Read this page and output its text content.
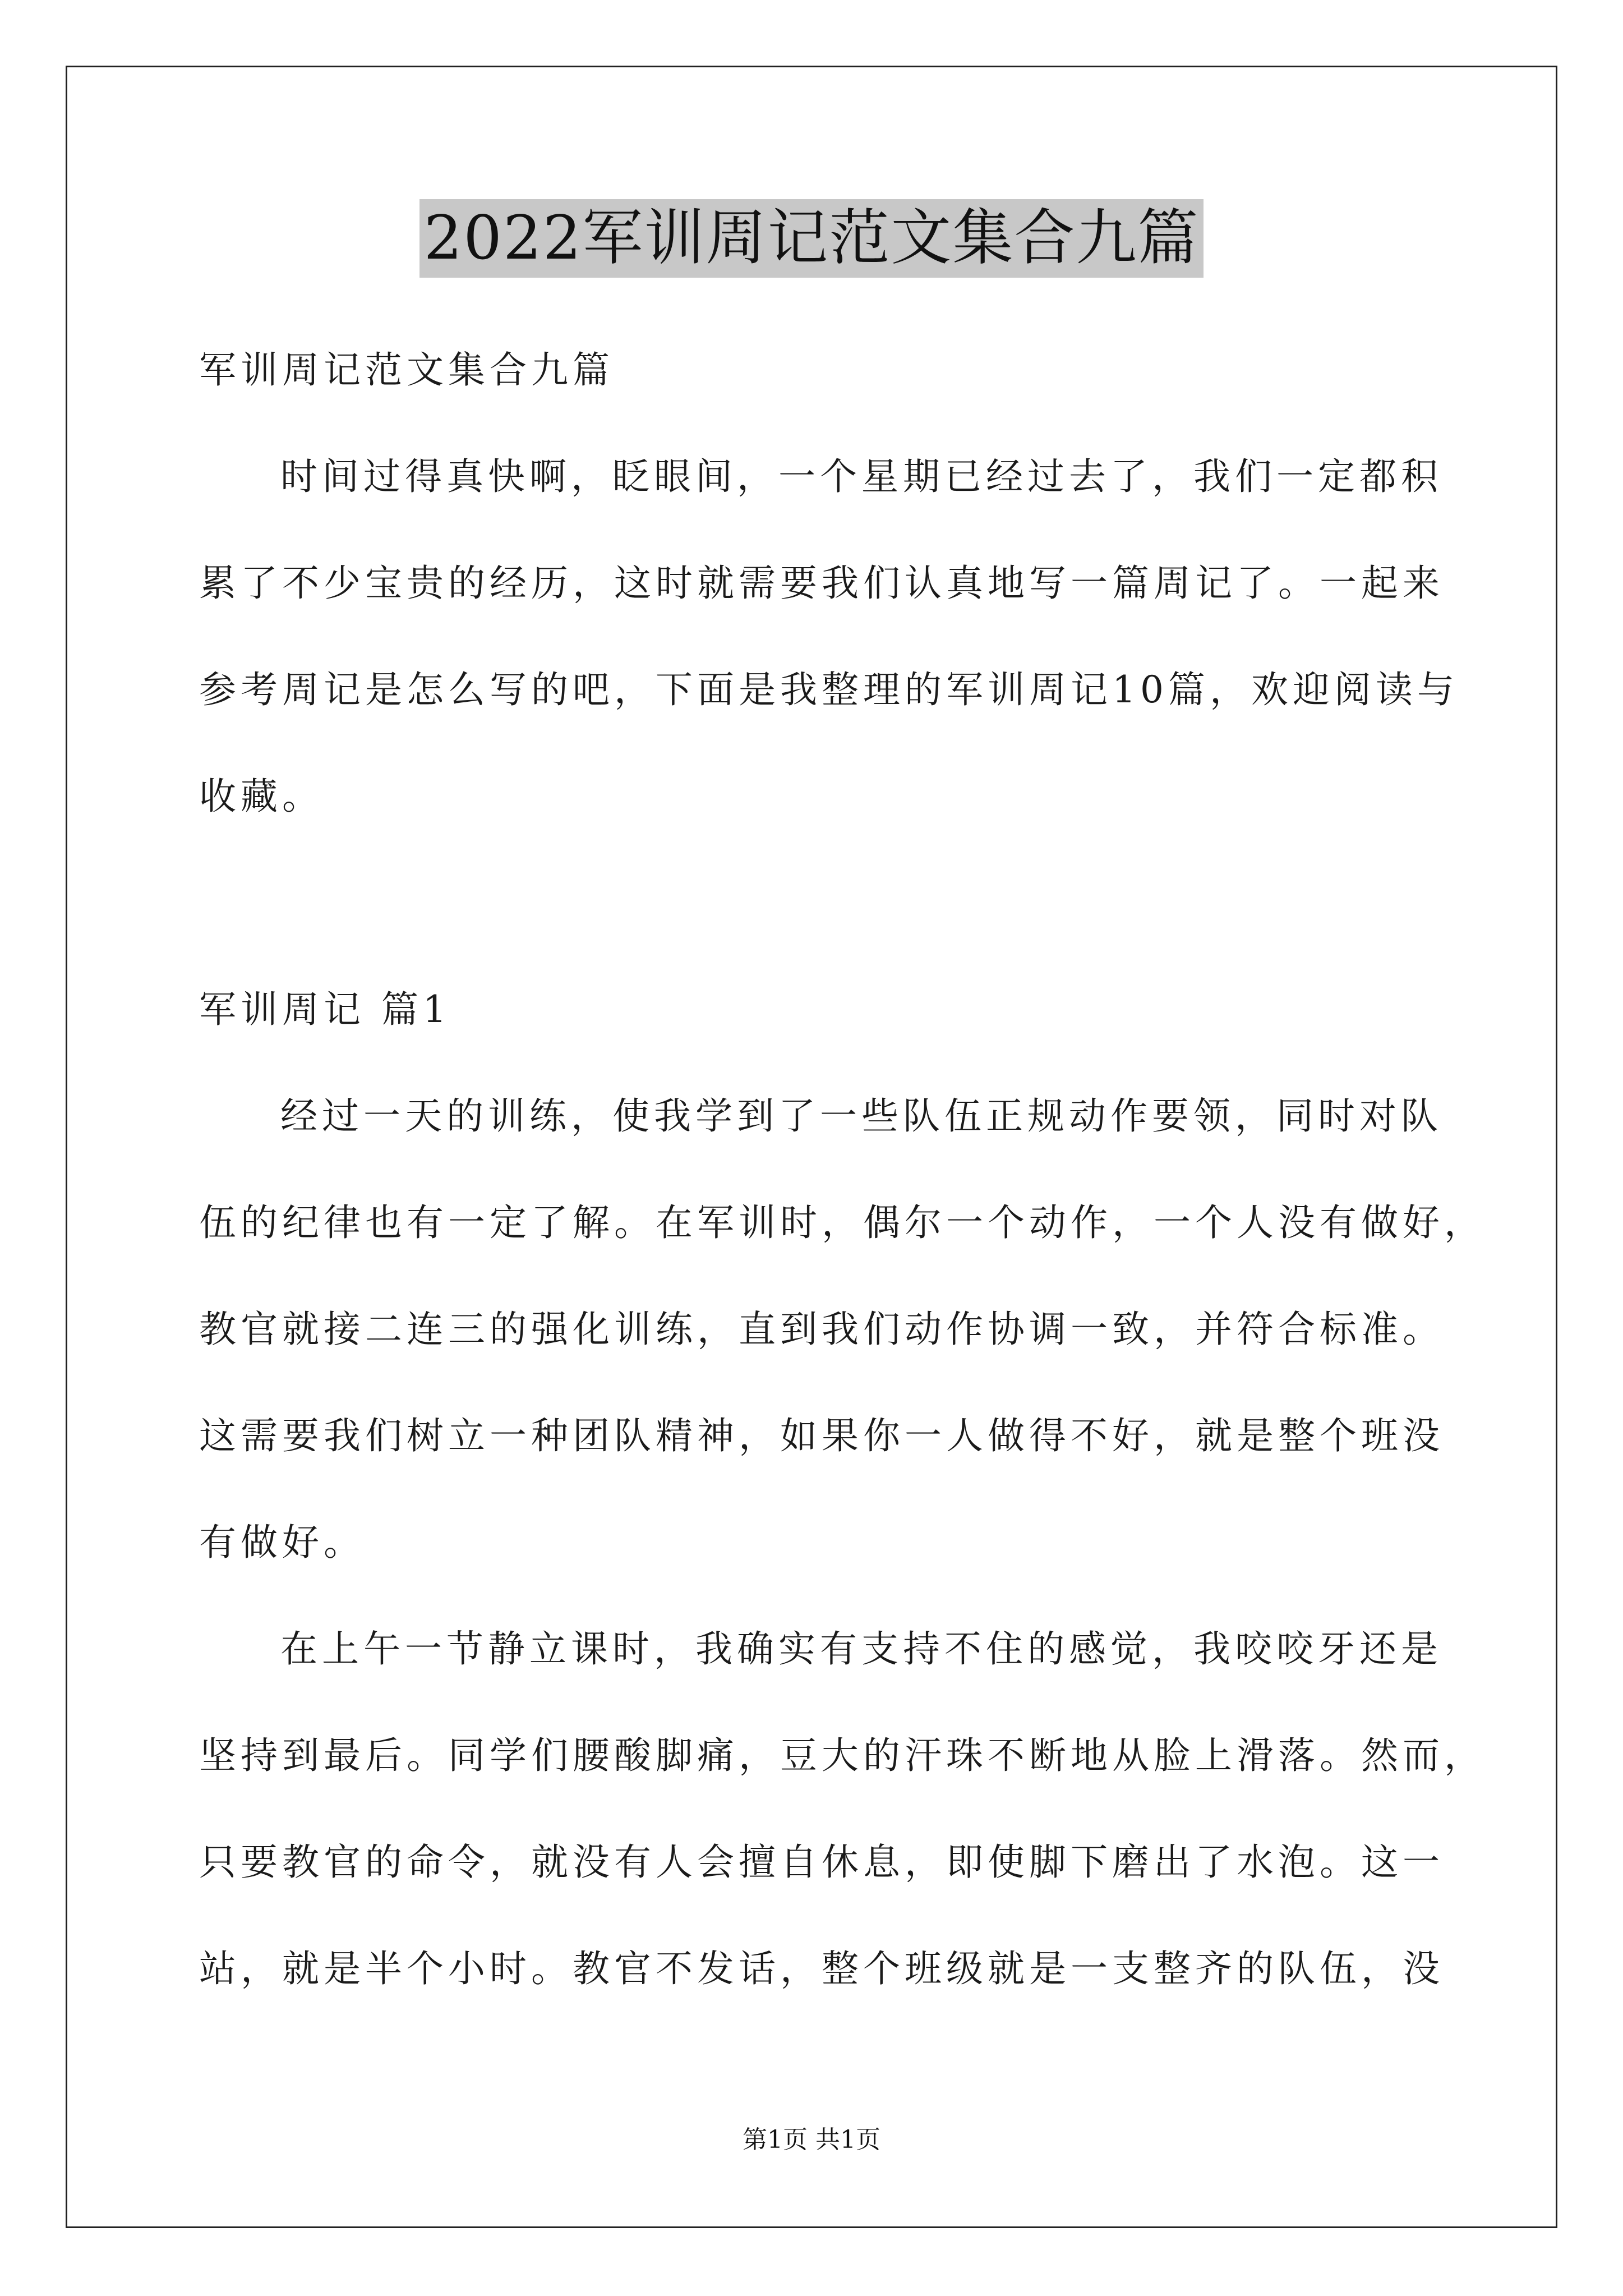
2022军训周记范文集合九篇
军训周记范文集合九篇
时间过得真快啊，眨眼间，一个星期已经过去了，我们一定都积
累了不少宝贵的经历，这时就需要我们认真地写一篇周记了。一起来
参考周记是怎么写的吧，下面是我整理的军训周记10篇，欢迎阅读与
收藏。
军训周记 篇1
经过一天的训练，使我学到了一些队伍正规动作要领，同时对队
伍的纪律也有一定了解。在军训时，偶尔一个动作，一个人没有做好，
教官就接二连三的强化训练，直到我们动作协调一致，并符合标准。
这需要我们树立一种团队精神，如果你一人做得不好，就是整个班没
有做好。
在上午一节静立课时，我确实有支持不住的感觉，我咬咬牙还是
坚持到最后。同学们腰酸脚痛，豆大的汗珠不断地从脸上滑落。然而，
只要教官的命令，就没有人会擅自休息，即使脚下磨出了水泡。这一
站，就是半个小时。教官不发话，整个班级就是一支整齐的队伍，没
第1页 共1页
